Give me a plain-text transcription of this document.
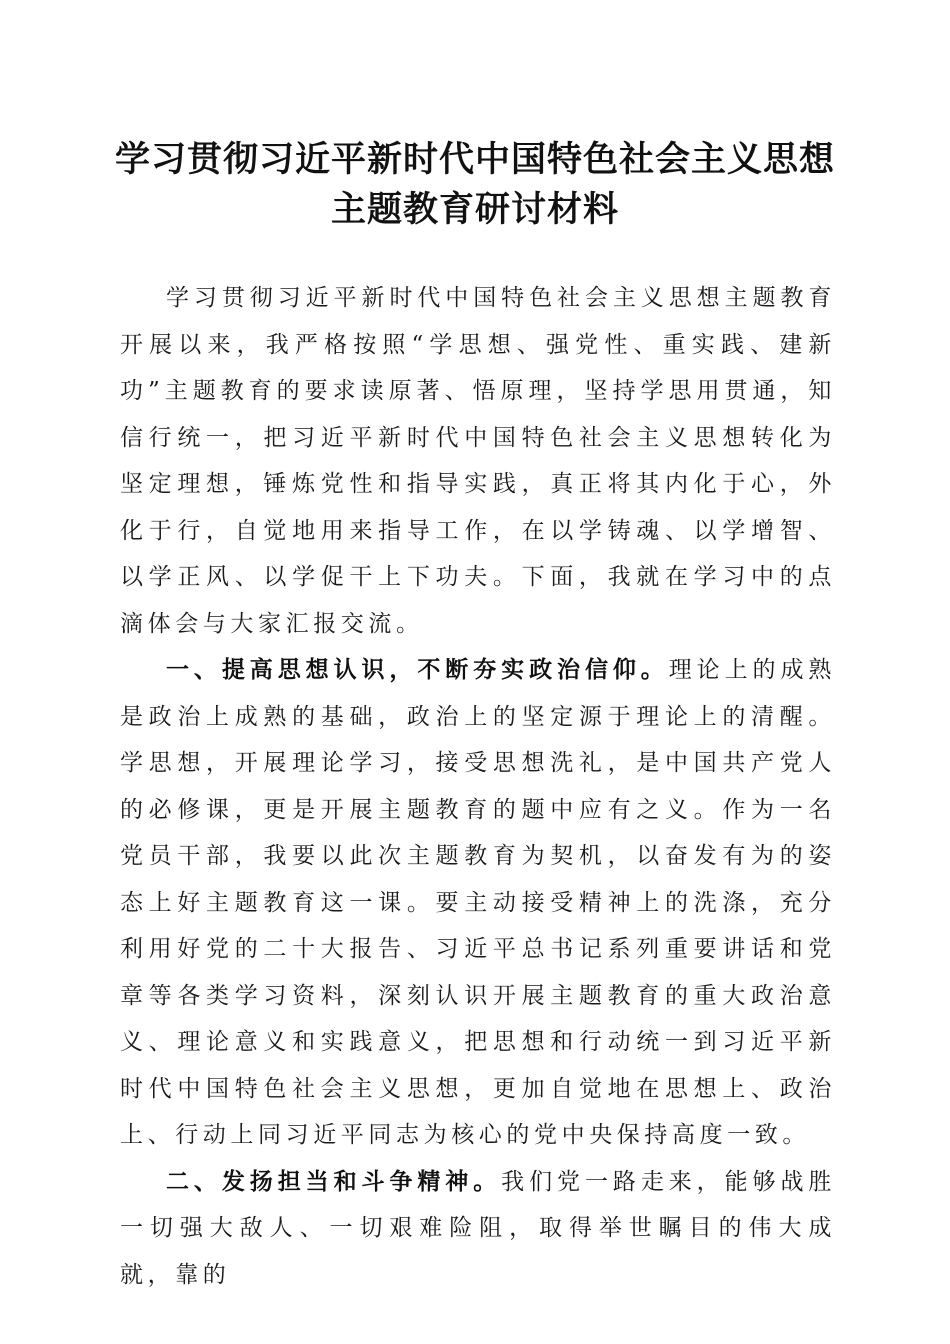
学习贯彻习近平新时代中国特色社会主义思想
主题教育研讨材料

学习贯彻习近平新时代中国特色社会主义思想主题教育开展以来，我严格按照“学思想、强党性、重实践、建新功”主题教育的要求读原著、悟原理，坚持学思用贯通，知信行统一，把习近平新时代中国特色社会主义思想转化为坚定理想，锤炼党性和指导实践，真正将其内化于心，外化于行，自觉地用来指导工作，在以学铸魂、以学增智、以学正风、以学促干上下功夫。下面，我就在学习中的点滴体会与大家汇报交流。

一、提高思想认识，不断夯实政治信仰。理论上的成熟是政治上成熟的基础，政治上的坚定源于理论上的清醒。学思想，开展理论学习，接受思想洗礼，是中国共产党人的必修课，更是开展主题教育的题中应有之义。作为一名党员干部，我要以此次主题教育为契机，以奋发有为的姿态上好主题教育这一课。要主动接受精神上的洗涤，充分利用好党的二十大报告、习近平总书记系列重要讲话和党章等各类学习资料，深刻认识开展主题教育的重大政治意义、理论意义和实践意义，把思想和行动统一到习近平新时代中国特色社会主义思想，更加自觉地在思想上、政治上、行动上同习近平同志为核心的党中央保持高度一致。

二、发扬担当和斗争精神。我们党一路走来，能够战胜一切强大敌人、一切艰难险阻，取得举世瞩目的伟大成就，靠的
